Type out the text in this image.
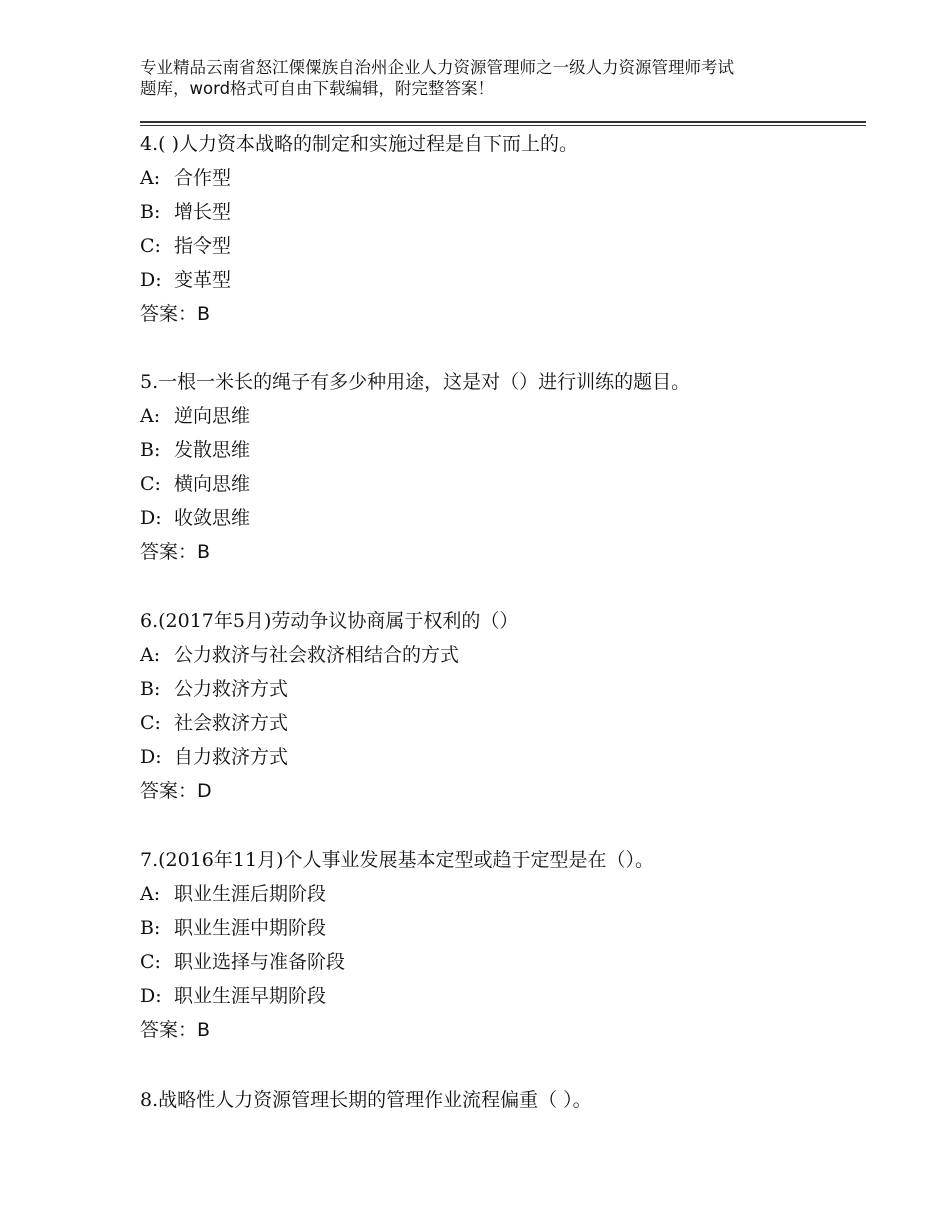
专业精品云南省怒江傈僳族自治州企业人力资源管理师之一级人力资源管理师考试
题库，word格式可自由下载编辑，附完整答案！
4.( )人力资本战略的制定和实施过程是自下而上的。
A: 合作型
B: 增长型
C: 指令型
D: 变革型
答案：B
5.一根一米长的绳子有多少种用途，这是对（）进行训练的题目。
A: 逆向思维
B: 发散思维
C: 横向思维
D: 收敛思维
答案：B
6.(2017年5月)劳动争议协商属于权利的（）
A: 公力救济与社会救济相结合的方式
B: 公力救济方式
C: 社会救济方式
D: 自力救济方式
答案：D
7.(2016年11月)个人事业发展基本定型或趋于定型是在（）。
A: 职业生涯后期阶段
B: 职业生涯中期阶段
C: 职业选择与准备阶段
D: 职业生涯早期阶段
答案：B
8.战略性人力资源管理长期的管理作业流程偏重（ ）。
